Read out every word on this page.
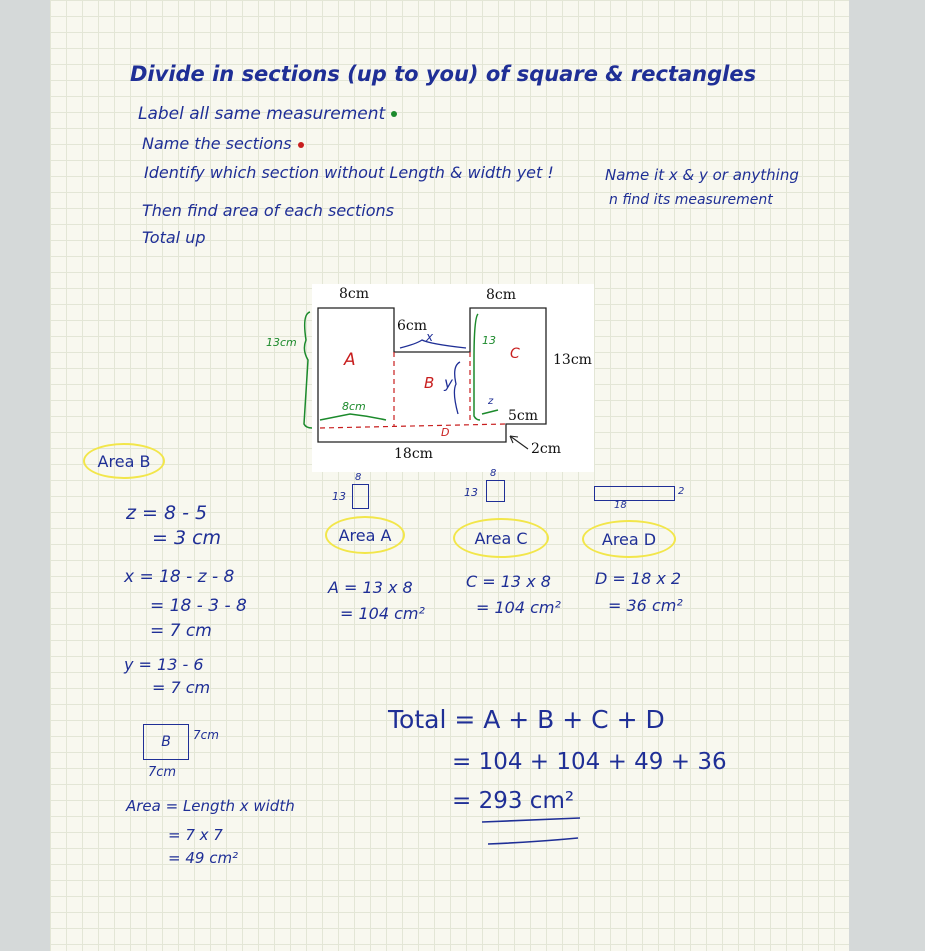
Divide in sections (up to you) of square & rectangles
Label all same measurement
Name the sections
Identify which section without Length & width yet !
Then find area of each sections
Total up
Name it x & y or anything
n find its measurement
8cm	8cm
6cm
13cm
5cm
2cm
18cm
A
B
C
D
x
y
z
13cm	13
8cm
Area B
z = 8 - 5
= 3 cm
x = 18 - z - 8
= 18 - 3 - 8
= 7 cm
y = 13 - 6
= 7 cm
B 7cm
7cm
Area = Length x width
= 7 x 7
= 49 cm²
8
13
Area A
A = 13 x 8
= 104 cm²
8
13
Area C
C = 13 x 8
= 104 cm²
2
18
Area D
D = 18 x 2
= 36 cm²
Total = A + B + C + D
= 104 + 104 + 49 + 36
= 293 cm²
